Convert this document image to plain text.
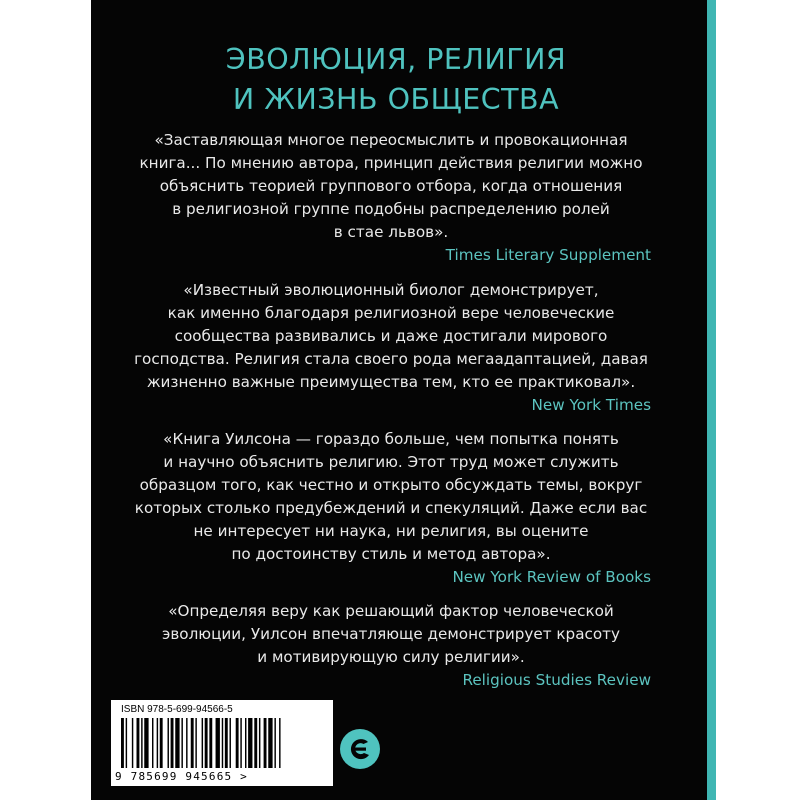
ЭВОЛЮЦИЯ, РЕЛИГИЯ
И ЖИЗНЬ ОБЩЕСТВА
«Заставляющая многое переосмыслить и провокационная
книга... По мнению автора, принцип действия религии можно
объяснить теорией группового отбора, когда отношения
в религиозной группе подобны распределению ролей
в стае львов».
Times Literary Supplement
«Известный эволюционный биолог демонстрирует,
как именно благодаря религиозной вере человеческие
сообщества развивались и даже достигали мирового
господства. Религия стала своего рода мегаадаптацией, давая
жизненно важные преимущества тем, кто ее практиковал».
New York Times
«Книга Уилсона — гораздо больше, чем попытка понять
и научно объяснить религию. Этот труд может служить
образцом того, как честно и открыто обсуждать темы, вокруг
которых столько предубеждений и спекуляций. Даже если вас
не интересует ни наука, ни религия, вы оцените
по достоинству стиль и метод автора».
New York Review of Books
«Определяя веру как решающий фактор человеческой
эволюции, Уилсон впечатляюще демонстрирует красоту
и мотивирующую силу религии».
Religious Studies Review
ISBN 978-5-699-94566-5
9 785699 945665 >
